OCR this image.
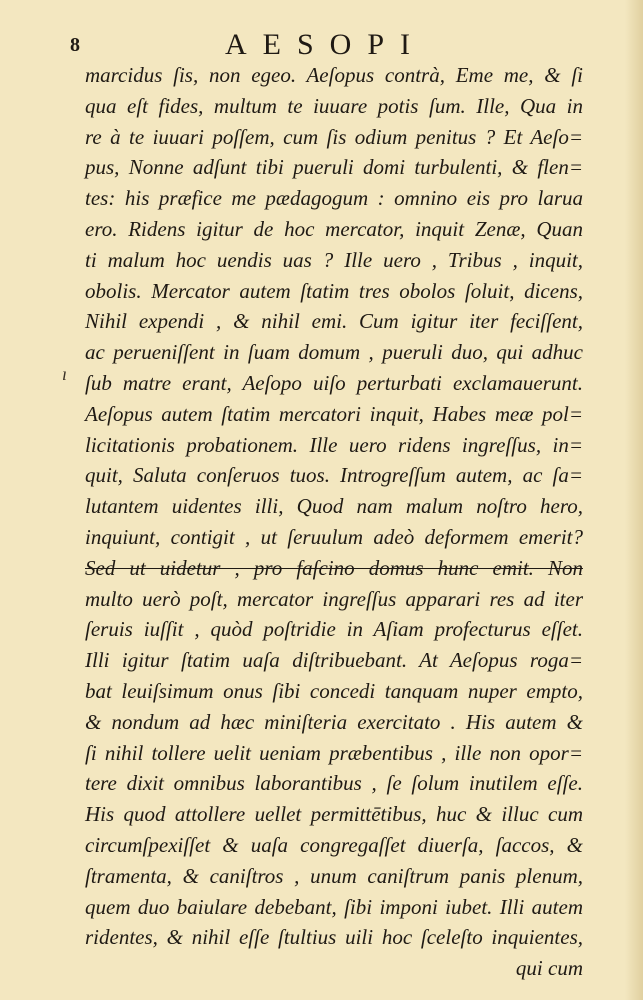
8	AESOPI
ı
marcidus ſis, non egeo. Aeſopus contrà, Eme me, & ſi
qua eſt fides, multum te iuuare potis ſum. Ille, Qua in
re à te iuuari poſſem, cum ſis odium penitus ? Et Aeſo=
pus, Nonne adſunt tibi pueruli domi turbulenti, & flen=
tes: his præfice me pædagogum : omnino eis pro larua
ero. Ridens igitur de hoc mercator, inquit Zenæ, Quan
ti malum hoc uendis uas ? Ille uero , Tribus , inquit,
obolis. Mercator autem ſtatim tres obolos ſoluit, dicens,
Nihil expendi , & nihil emi. Cum igitur iter feciſſent,
ac perueniſſent in ſuam domum , pueruli duo, qui adhuc
ſub matre erant, Aeſopo uiſo perturbati exclamauerunt.
Aeſopus autem ſtatim mercatori inquit, Habes meæ pol=
licitationis probationem. Ille uero ridens ingreſſus, in=
quit, Saluta conſeruos tuos. Introgreſſum autem, ac ſa=
lutantem uidentes illi, Quod nam malum noſtro hero,
inquiunt, contigit , ut ſeruulum adeò deformem emerit?
Sed ut uidetur , pro faſcino domus hunc emit. Non
multo uerò poſt, mercator ingreſſus apparari res ad iter
ſeruis iuſſit , quòd poſtridie in Aſiam profecturus eſſet.
Illi igitur ſtatim uaſa diſtribuebant. At Aeſopus roga=
bat leuiſsimum onus ſibi concedi tanquam nuper empto,
& nondum ad hæc miniſteria exercitato . His autem &
ſi nihil tollere uelit ueniam præbentibus , ille non opor=
tere dixit omnibus laborantibus , ſe ſolum inutilem eſſe.
His quod attollere uellet permittētibus, huc & illuc cum
circumſpexiſſet & uaſa congregaſſet diuerſa, ſaccos, &
ſtramenta, & caniſtros , unum caniſtrum panis plenum,
quem duo baiulare debebant, ſibi imponi iubet. Illi autem
ridentes, & nihil eſſe ſtultius uili hoc ſceleſto inquientes,
qui cum
